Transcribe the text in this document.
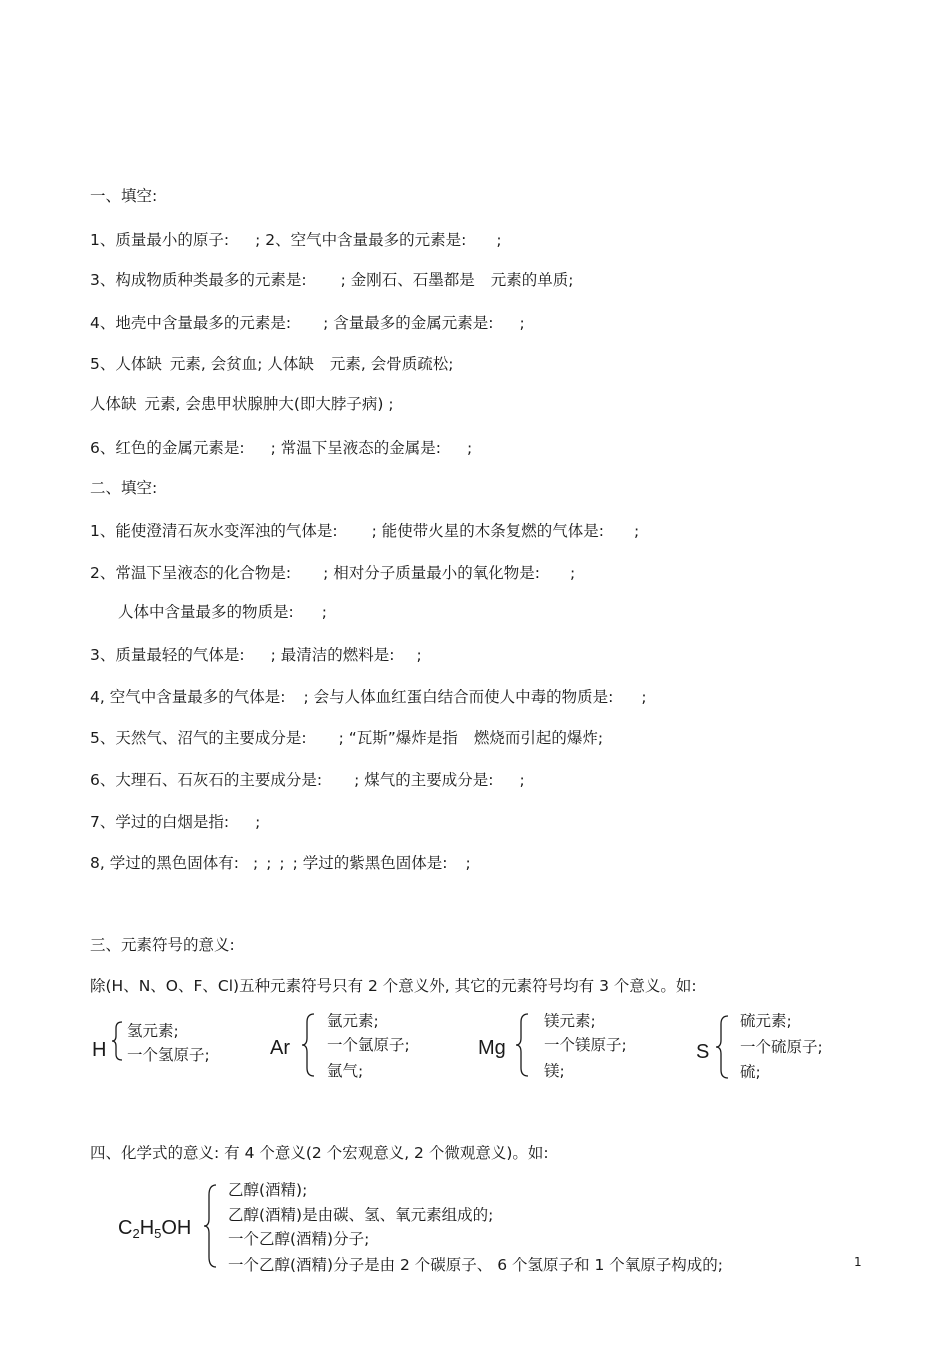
一、填空:
1、质量最小的原子: ; 2、空气中含量最多的元素是: ;
3、构成物质种类最多的元素是: ; 金刚石、石墨都是 元素的单质;
4、地壳中含量最多的元素是: ; 含量最多的金属元素是: ;
5、人体缺 元素, 会贫血; 人体缺 元素, 会骨质疏松;
人体缺 元素, 会患甲状腺肿大(即大脖子病) ;
6、红色的金属元素是: ; 常温下呈液态的金属是: ;
二、填空:
1、能使澄清石灰水变浑浊的气体是: ; 能使带火星的木条复燃的气体是: ;
2、常温下呈液态的化合物是: ; 相对分子质量最小的氧化物是: ;
人体中含量最多的物质是: ;
3、质量最轻的气体是: ; 最清洁的燃料是: ;
4, 空气中含量最多的气体是: ; 会与人体血红蛋白结合而使人中毒的物质是: ;
5、天然气、沼气的主要成分是: ; “瓦斯”爆炸是指 燃烧而引起的爆炸;
6、大理石、石灰石的主要成分是: ; 煤气的主要成分是: ;
7、学过的白烟是指: ;
8, 学过的黑色固体有: ; ; ; ; 学过的紫黑色固体是: ;
三、元素符号的意义:
除(H、N、O、F、Cl)五种元素符号只有 2 个意义外, 其它的元素符号均有 3 个意义。如:
H
氢元素;
一个氢原子;	Ar
氩元素;
一个氩原子;
氩气;
Mg
镁元素;
一个镁原子;
镁;
S
硫元素;
一个硫原子;
硫;
四、化学式的意义: 有 4 个意义(2 个宏观意义, 2 个微观意义)。如:
$C_2H_5OH$
乙醇(酒精);
乙醇(酒精)是由碳、氢、氧元素组成的;
一个乙醇(酒精)分子;
一个乙醇(酒精)分子是由 2 个碳原子、 6 个氢原子和 1 个氧原子构成的;	1
